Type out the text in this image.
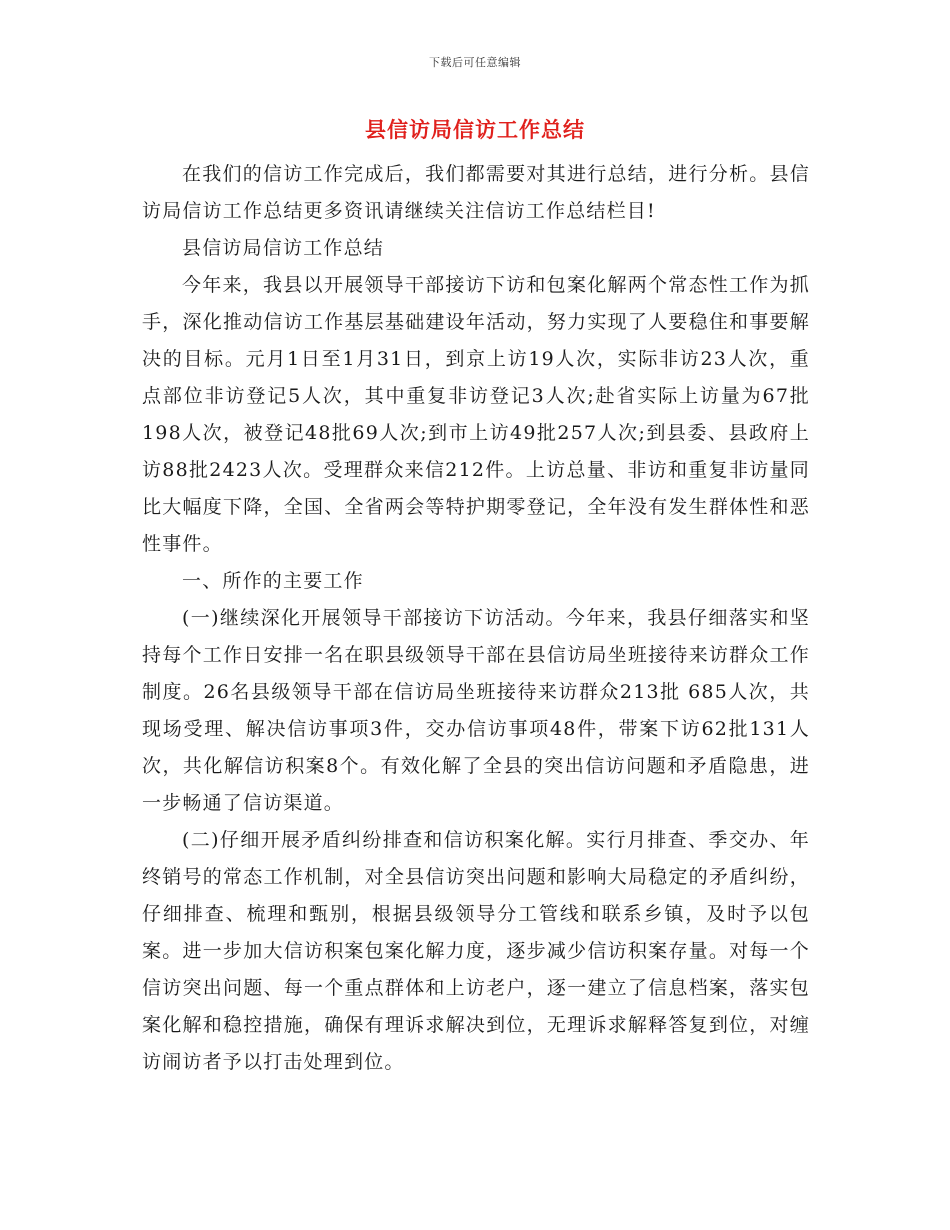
下载后可任意编辑
县信访局信访工作总结

在我们的信访工作完成后，我们都需要对其进行总结，进行分析。县信访局信访工作总结更多资讯请继续关注信访工作总结栏目!

县信访局信访工作总结

今年来，我县以开展领导干部接访下访和包案化解两个常态性工作为抓手，深化推动信访工作基层基础建设年活动，努力实现了人要稳住和事要解决的目标。元月1日至1月31日，到京上访19人次，实际非访23人次，重点部位非访登记5人次，其中重复非访登记3人次;赴省实际上访量为67批198人次，被登记48批69人次;到市上访49批257人次;到县委、县政府上访88批2423人次。受理群众来信212件。上访总量、非访和重复非访量同比大幅度下降，全国、全省两会等特护期零登记，全年没有发生群体性和恶性事件。

一、所作的主要工作

(一)继续深化开展领导干部接访下访活动。今年来，我县仔细落实和坚持每个工作日安排一名在职县级领导干部在县信访局坐班接待来访群众工作制度。26名县级领导干部在信访局坐班接待来访群众213批 685人次，共现场受理、解决信访事项3件，交办信访事项48件，带案下访62批131人次，共化解信访积案8个。有效化解了全县的突出信访问题和矛盾隐患，进一步畅通了信访渠道。

(二)仔细开展矛盾纠纷排查和信访积案化解。实行月排查、季交办、年终销号的常态工作机制，对全县信访突出问题和影响大局稳定的矛盾纠纷，仔细排查、梳理和甄别，根据县级领导分工管线和联系乡镇，及时予以包案。进一步加大信访积案包案化解力度，逐步减少信访积案存量。对每一个信访突出问题、每一个重点群体和上访老户，逐一建立了信息档案，落实包案化解和稳控措施，确保有理诉求解决到位，无理诉求解释答复到位，对缠访闹访者予以打击处理到位。
